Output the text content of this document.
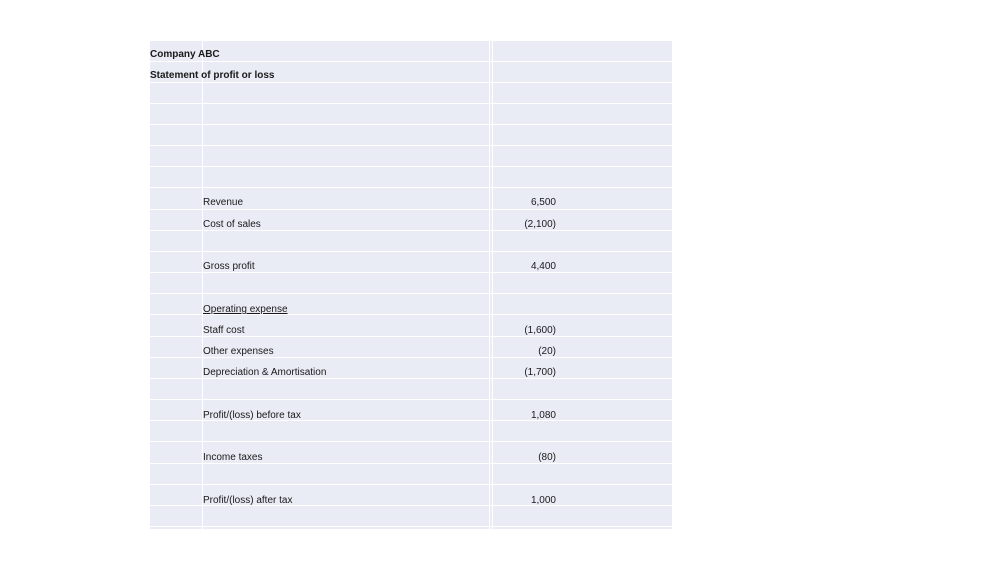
Company ABC
Statement of profit or loss
Revenue	6,500
Cost of sales	(2,100)
Gross profit	4,400
Operating expense
Staff cost	(1,600)
Other expenses	(20)
Depreciation & Amortisation	(1,700)
Profit/(loss) before tax	1,080
Income taxes	(80)
Profit/(loss) after tax	1,000
